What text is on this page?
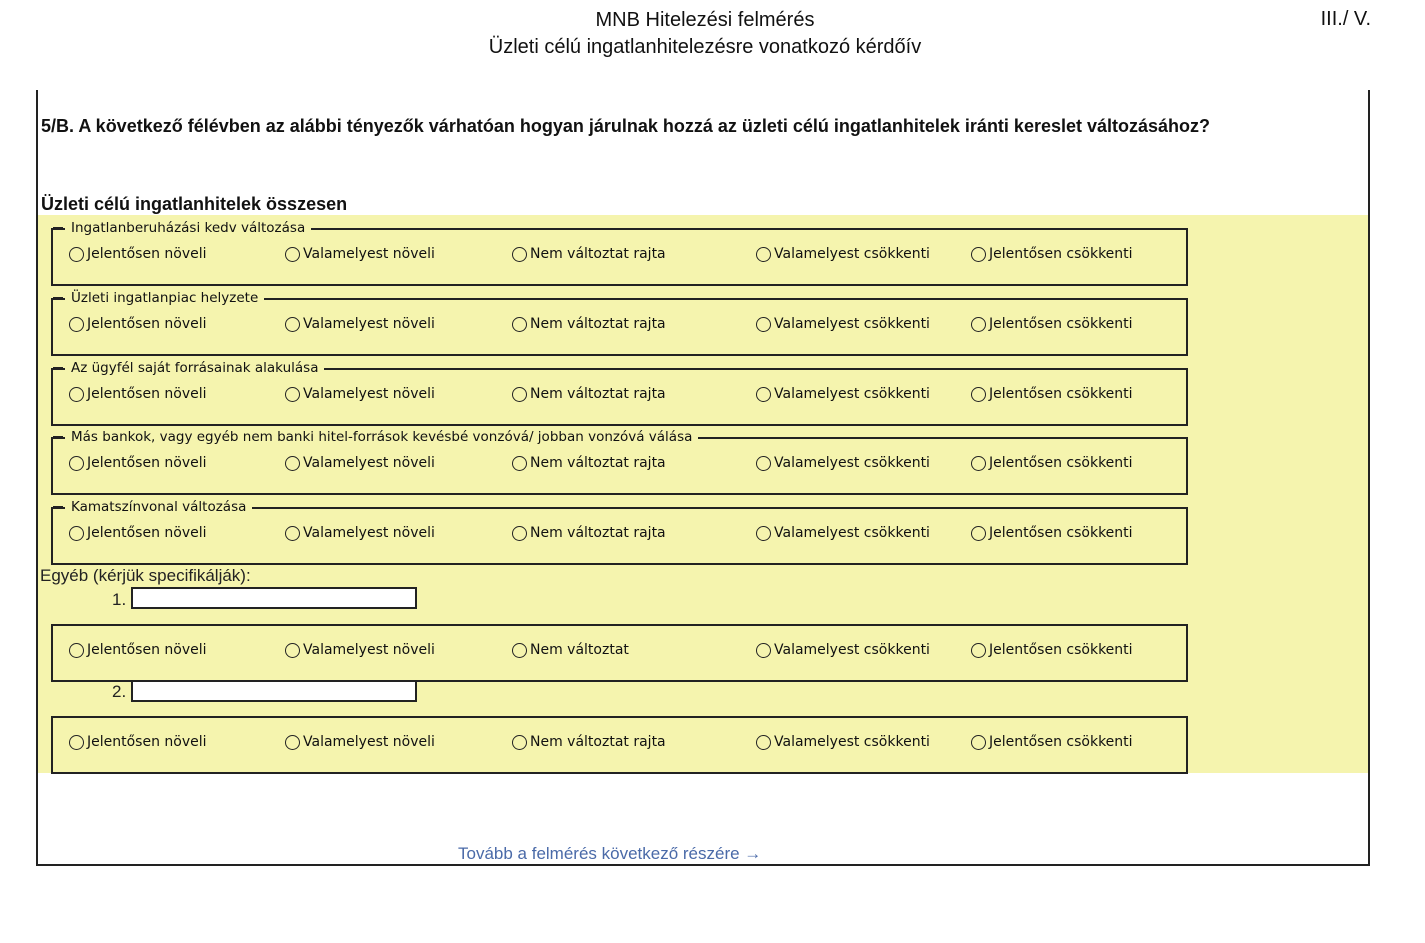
MNB Hitelezési felmérés
Üzleti célú ingatlanhitelezésre vonatkozó kérdőív
III./ V.
5/B. A következő félévben az alábbi tényezők várhatóan hogyan járulnak hozzá az üzleti célú ingatlanhitelek iránti kereslet változásához?
Üzleti célú ingatlanhitelek összesen
Ingatlanberuházási kedv változása
Jelentősen növeli	Valamelyest növeli	Nem változtat rajta	Valamelyest csökkenti	Jelentősen csökkenti
Üzleti ingatlanpiac helyzete
Jelentősen növeli	Valamelyest növeli	Nem változtat rajta	Valamelyest csökkenti	Jelentősen csökkenti
Az ügyfél saját forrásainak alakulása
Jelentősen növeli	Valamelyest növeli	Nem változtat rajta	Valamelyest csökkenti	Jelentősen csökkenti
Más bankok, vagy egyéb nem banki hitel-források kevésbé vonzóvá/ jobban vonzóvá válása
Jelentősen növeli	Valamelyest növeli	Nem változtat rajta	Valamelyest csökkenti	Jelentősen csökkenti
Kamatszínvonal változása
Jelentősen növeli	Valamelyest növeli	Nem változtat rajta	Valamelyest csökkenti	Jelentősen csökkenti
Egyéb (kérjük specifikálják):
1.
Jelentősen növeli	Valamelyest növeli	Nem változtat	Valamelyest csökkenti	Jelentősen csökkenti
2.
Jelentősen növeli	Valamelyest növeli	Nem változtat rajta	Valamelyest csökkenti	Jelentősen csökkenti
Tovább a felmérés következő részére →
